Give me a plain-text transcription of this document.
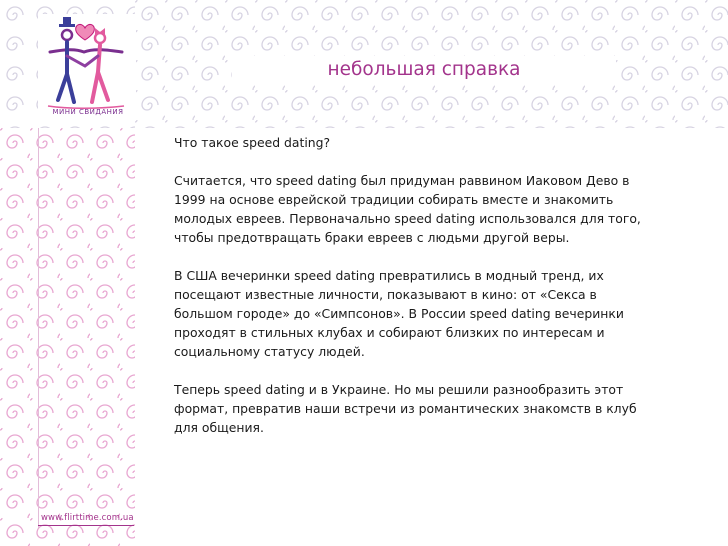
МИНИ СВИДАНИЯ
небольшая справка

Что такое speed dating?

Считается, что speed dating был придуман раввином Иаковом Дево в
1999 на основе еврейской традиции собирать вместе и знакомить
молодых евреев. Первоначально speed dating использовался для того,
чтобы предотвращать браки евреев с людьми другой веры.

В США вечеринки speed dating превратились в модный тренд, их
посещают известные личности, показывают в кино: от «Секса в
большом городе» до «Симпсонов». В России speed dating вечеринки
проходят в стильных клубах и собирают близких по интересам и
социальному статусу людей.

Теперь speed dating и в Украине. Но мы решили разнообразить этот
формат, превратив наши встречи из романтических знакомств в клуб
для общения.

www.flirttime.com.ua
